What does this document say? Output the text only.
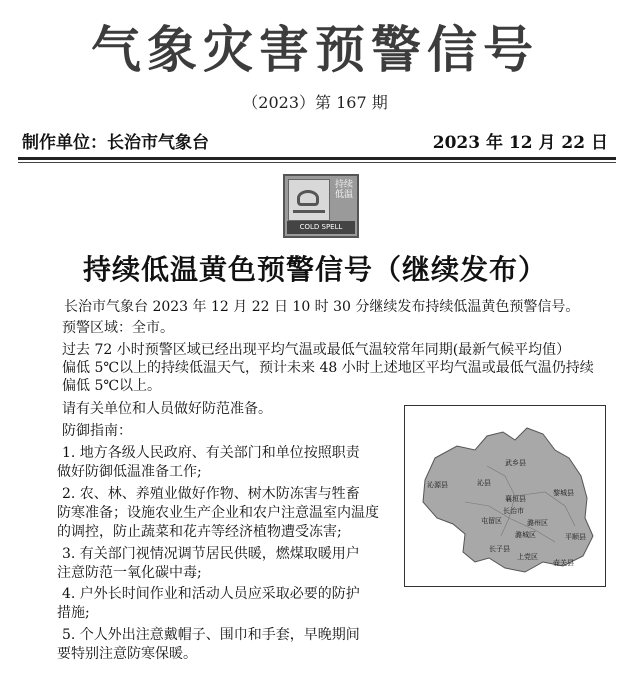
气象灾害预警信号
（2023）第 167 期
制作单位：长治市气象台	2023 年 12 月 22 日
持续
低温
COLD SPELL
持续低温黄色预警信号（继续发布）
长治市气象台 2023 年 12 月 22 日 10 时 30 分继续发布持续低温黄色预警信号。
预警区域：全市。
过去 72 小时预警区域已经出现平均气温或最低气温较常年同期(最新气候平均值）
偏低 5℃以上的持续低温天气，预计未来 48 小时上述地区平均气温或最低气温仍持续
偏低 5℃以上。
请有关单位和人员做好防范准备。
防御指南：
1. 地方各级人民政府、有关部门和单位按照职责
做好防御低温准备工作;
2. 农、林、养殖业做好作物、树木防冻害与牲畜
防寒准备；设施农业生产企业和农户注意温室内温度
的调控，防止蔬菜和花卉等经济植物遭受冻害;
3. 有关部门视情况调节居民供暖，燃煤取暖用户
注意防范一氧化碳中毒;
4. 户外长时间作业和活动人员应采取必要的防护
措施;
5. 个人外出注意戴帽子、围巾和手套，早晚期间
要特别注意防寒保暖。
武乡县
沁源县	沁县
襄垣县
黎城县
屯留区	潞州区
潞城区
长治市
平顺县
长子县
上党区
壶关县
